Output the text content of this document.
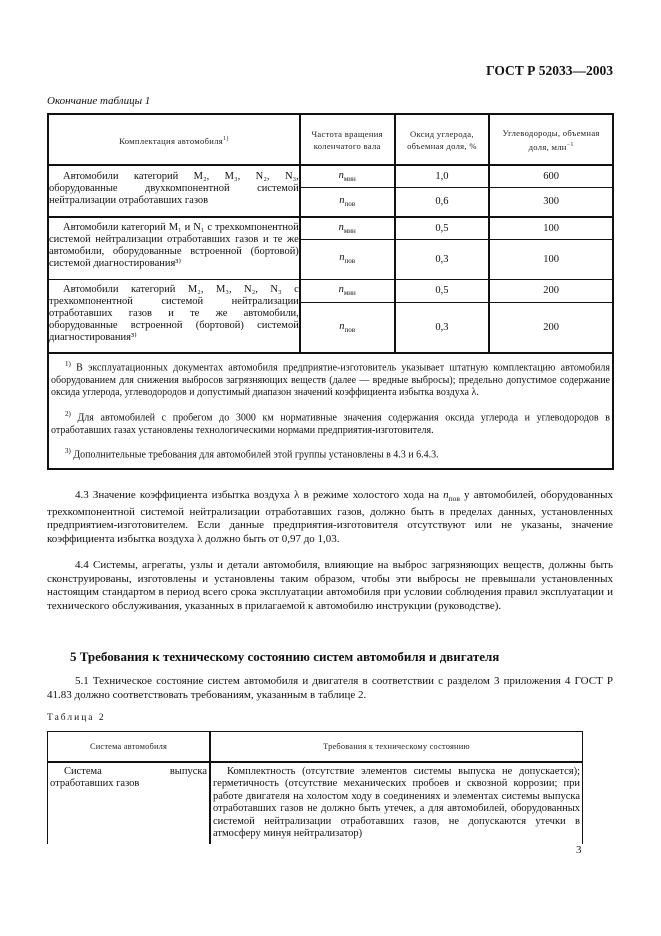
ГОСТ Р 52033—2003
Окончание таблицы 1
Комплектация автомобиля$^{1)}$	Частота вращения коленчатого вала	Оксид углерода, объемная доля, %	Углеводороды, объемная доля, млн$^{-1}$
Автомобили категорий M₂, M₃, N₂, N₃, оборудованные двухкомпонентной системой нейтрализации отработавших газов	$n_{мин}$	1,0	600
	$n_{пов}$	0,6	300
Автомобили категорий M₁ и N₁ с трехкомпонентной системой нейтрализации отработавших газов и те же автомобили, оборудованные встроенной (бортовой) системой диагностирования³⁾	$n_{мин}$	0,5	100
	$n_{пов}$	0,3	100
Автомобили категорий M₂, M₃, N₂, N₃ с трехкомпонентной системой нейтрализации отработавших газов и те же автомобили, оборудованные встроенной (бортовой) системой диагностирования³⁾	$n_{мин}$	0,5	200
	$n_{пов}$	0,3	200

$^{1)}$ В эксплуатационных документах автомобиля предприятие-изготовитель указывает штатную комплектацию автомобиля оборудованием для снижения выбросов загрязняющих веществ (далее — вредные выбросы); предельно допустимое содержание оксида углерода, углеводородов и допустимый диапазон значений коэффициента избытка воздуха λ.

$^{2)}$ Для автомобилей с пробегом до 3000 км нормативные значения содержания оксида углерода и углеводородов в отработавших газах установлены технологическими нормами предприятия-изготовителя.

$^{3)}$ Дополнительные требования для автомобилей этой группы установлены в 4.3 и 6.4.3.			

4.3 Значение коэффициента избытка воздуха λ в режиме холостого хода на $n_{пов}$ у автомобилей, оборудованных трехкомпонентной системой нейтрализации отработавших газов, должно быть в пределах данных, установленных предприятием-изготовителем. Если данные предприятия-изготовителя отсутствуют или не указаны, значение коэффициента избытка воздуха λ должно быть от 0,97 до 1,03.

4.4 Системы, агрегаты, узлы и детали автомобиля, влияющие на выброс загрязняющих веществ, должны быть сконструированы, изготовлены и установлены таким образом, чтобы эти выбросы не превышали установленных настоящим стандартом в период всего срока эксплуатации автомобиля при условии соблюдения правил эксплуатации и технического обслуживания, указанных в прилагаемой к автомобилю инструкции (руководстве).

5 Требования к техническому состоянию систем автомобиля и двигателя

5.1 Техническое состояние систем автомобиля и двигателя в соответствии с разделом 3 приложения 4 ГОСТ Р 41.83 должно соответствовать требованиям, указанным в таблице 2.

Таблица 2
Система автомобиля	Требования к техническому состоянию

Система выпуска отработавших газов	Комплектность (отсутствие элементов системы выпуска не допускается); герметичность (отсутствие механических пробоев и сквозной коррозии; при работе двигателя на холостом ходу в соединениях и элементах системы выпуска отработавших газов не должно быть утечек, а для автомобилей, оборудованных системой нейтрализации отработавших газов, не допускаются утечки в атмосферу минуя нейтрализатор)

3
